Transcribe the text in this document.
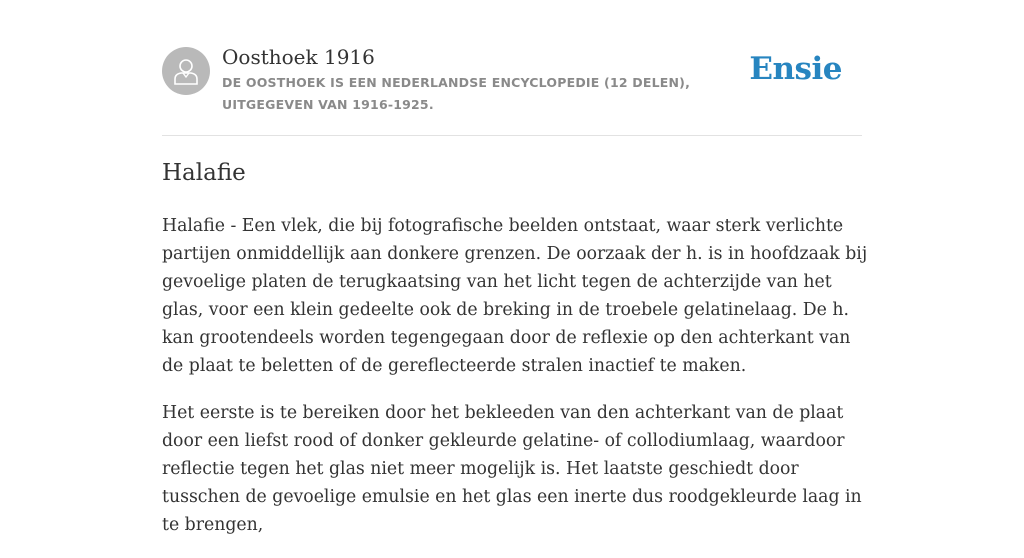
Oosthoek 1916
DE OOSTHOEK IS EEN NEDERLANDSE ENCYCLOPEDIE (12 DELEN), UITGEGEVEN VAN 1916-1925.
Ensie
Halafie

Halafie - Een vlek, die bij fotografische beelden ontstaat, waar sterk verlichte partijen onmiddellijk aan donkere grenzen. De oorzaak der h. is in hoofdzaak bij gevoelige platen de terugkaatsing van het licht tegen de achterzijde van het glas, voor een klein gedeelte ook de breking in de troebele gelatinelaag. De h. kan grootendeels worden tegengegaan door de reflexie op den achterkant van de plaat te beletten of de gereflecteerde stralen inactief te maken.

Het eerste is te bereiken door het bekleeden van den achterkant van de plaat door een liefst rood of donker gekleurde gelatine- of collodiumlaag, waardoor reflectie tegen het glas niet meer mogelijk is. Het laatste geschiedt door tusschen de gevoelige emulsie en het glas een inerte dus roodgekleurde laag in te brengen,
